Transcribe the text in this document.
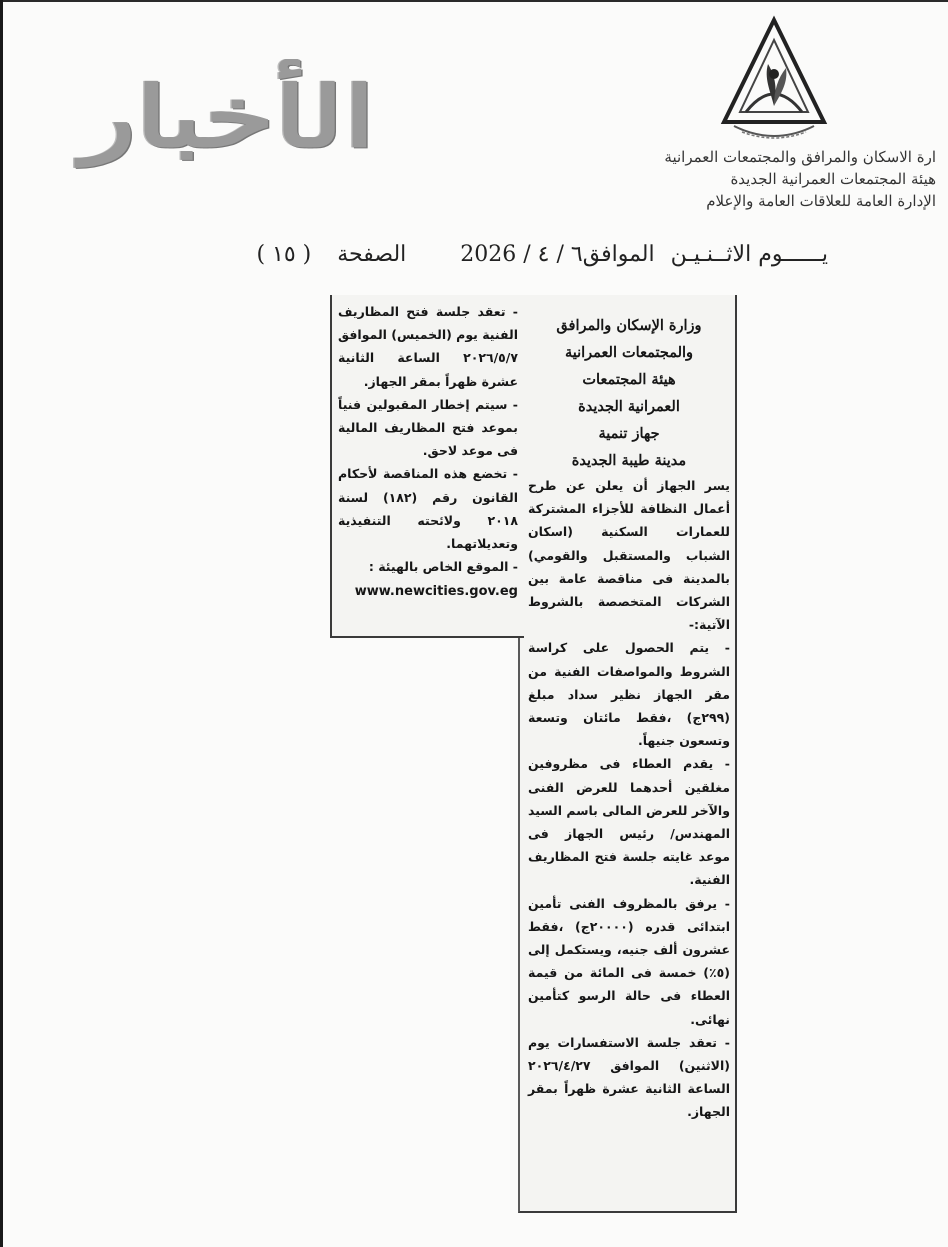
الأخبار	ارة الاسكان والمرافق والمجتمعات العمرانية
هيئة المجتمعات العمرانية الجديدة
الإدارة العامة للعلاقات العامة والإعلام
يــــــوم الاثــنـيـن
الموافق
٦ / ٤ / 2026
الصفحة
( ١٥ )
وزارة الإسكان والمرافق
والمجتمعات العمرانية
هيئة المجتمعات
العمرانية الجديدة
جهاز تنمية
مدينة طيبة الجديدة

يسر الجهاز أن يعلن عن طرح أعمال النظافة للأجزاء المشتركة للعمارات السكنية (اسكان الشباب والمستقبل والقومي) بالمدينة فى مناقصة عامة بين الشركات المتخصصة بالشروط الآتية:-

- يتم الحصول على كراسة الشروط والمواصفات الفنية من مقر الجهاز نظير سداد مبلغ (٢٩٩ج) ،فقط مائتان وتسعة وتسعون جنيهاً.

- يقدم العطاء فى مظروفين مغلقين أحدهما للعرض الفنى والآخر للعرض المالى باسم السيد المهندس/ رئيس الجهاز فى موعد غايته جلسة فتح المظاريف الفنية.

- يرفق بالمظروف الفنى تأمين ابتدائى قدره (٢٠٠٠٠ج) ،فقط عشرون ألف جنيه، ويستكمل إلى (٥٪) خمسة فى المائة من قيمة العطاء فى حالة الرسو كتأمين نهائى.

- تعقد جلسة الاستفسارات يوم (الاثنين) الموافق ٢٠٢٦/٤/٢٧ الساعة الثانية عشرة ظهراً بمقر الجهاز.

- تعقد جلسة فتح المظاريف الفنية يوم (الخميس) الموافق ٢٠٢٦/٥/٧ الساعة الثانية عشرة ظهراً بمقر الجهاز.

- سيتم إخطار المقبولين فنياً بموعد فتح المظاريف المالية فى موعد لاحق.

- تخضع هذه المناقصة لأحكام القانون رقم (١٨٢) لسنة ٢٠١٨ ولائحته التنفيذية وتعديلاتهما.

- الموقع الخاص بالهيئة :

www.newcities.gov.eg
